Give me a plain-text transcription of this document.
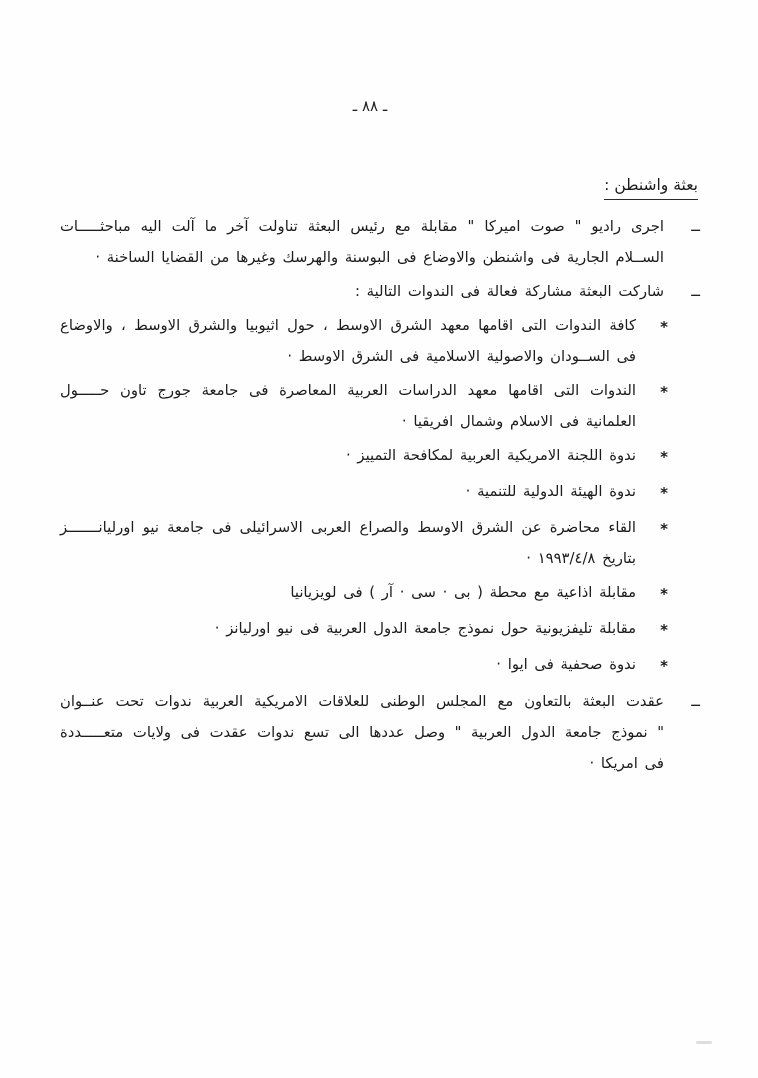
ـ ٨٨ ـ
بعثة واشنطن :
ــ
اجرى راديو " صوت اميركا " مقابلة مع رئيس البعثة تناولت آخر ما آلت اليه مباحثـــــات
الســلام الجارية فى واشنطن والاوضاع فى البوسنة والهرسك وغيرها من القضايا الساخنة ·
ــ
شاركت البعثة مشاركة فعالة فى الندوات التالية :
*
كافة الندوات التى اقامها معهد الشرق الاوسط ، حول اثيوبيا والشرق الاوسط ، والاوضاع
فى الســودان والاصولية الاسلامية فى الشرق الاوسط ·
*
الندوات التى اقامها معهد الدراسات العربية المعاصرة فى جامعة جورج تاون حـــــول
العلمانية فى الاسلام وشمال افريقيا ·
*
ندوة اللجنة الامريكية العربية لمكافحة التمييز ·
*
ندوة الهيئة الدولية للتنمية ·
*
القاء محاضرة عن الشرق الاوسط والصراع العربى الاسرائيلى فى جامعة نيو اورليانـــــــز
بتاريخ ١٩٩٣/٤/٨ ·
*
مقابلة اذاعية مع محطة ( بى · سى · آر ) فى لويزيانيا
*
مقابلة تليفزيونية حول نموذج جامعة الدول العربية فى نيو اورليانز ·
*
ندوة صحفية فى ايوا ·
ــ
عقدت البعثة بالتعاون مع المجلس الوطنى للعلاقات الامريكية العربية ندوات تحت عنــوان
" نموذج جامعة الدول العربية " وصل عددها الى تسع ندوات عقدت فى ولايات متعـــــددة
فى امريكا ·
